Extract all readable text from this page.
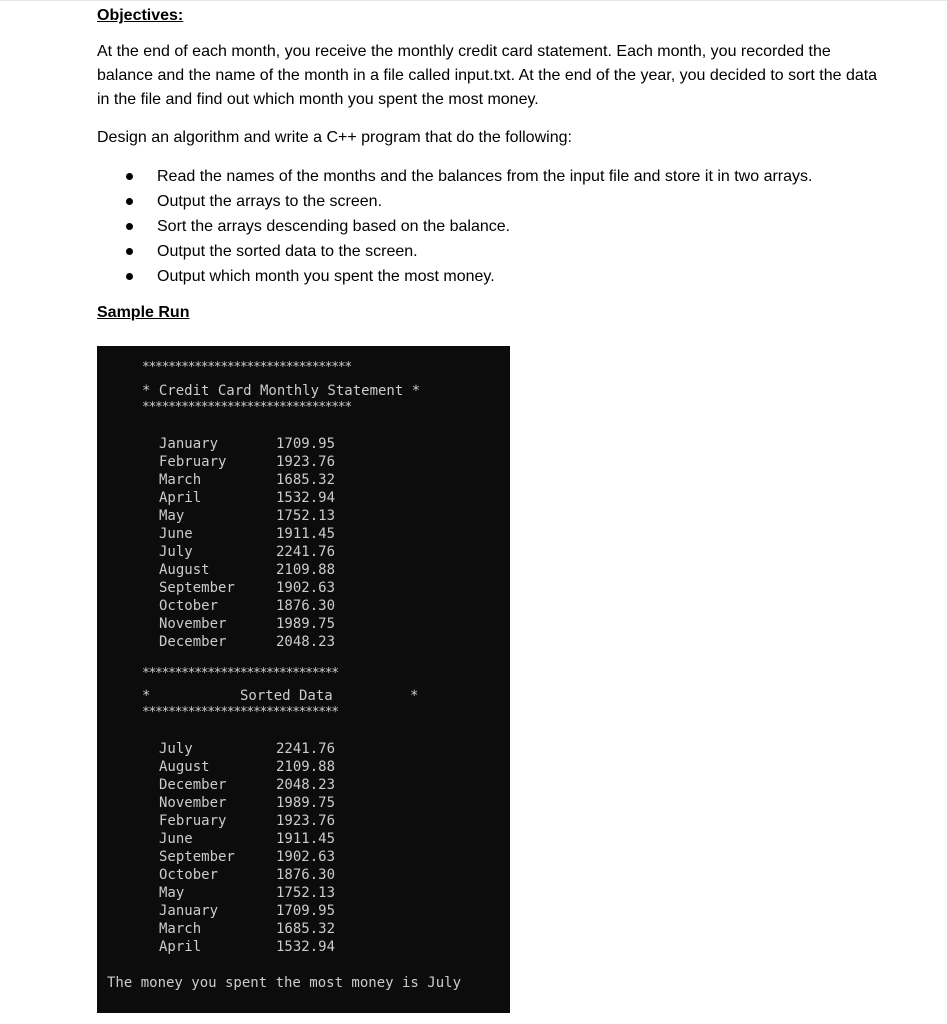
Objectives:

At the end of each month, you receive the monthly credit card statement. Each month, you recorded the balance and the name of the month in a file called input.txt. At the end of the year, you decided to sort the data in the file and find out which month you spent the most money.

Design an algorithm and write a C++ program that do the following:

Read the names of the months and the balances from the input file and store it in two arrays.
Output the arrays to the screen.
Sort the arrays descending based on the balance.
Output the sorted data to the screen.
Output which month you spent the most money.
Sample Run
********************************
* Credit Card Monthly Statement *
********************************
January	1709.95
February	1923.76
March	1685.32
April	1532.94
May	1752.13
June	1911.45
July	2241.76
August	2109.88
September	1902.63
October	1876.30
November	1989.75
December	2048.23
******************************
*	Sorted Data	*
******************************
July	2241.76
August	2109.88
December	2048.23
November	1989.75
February	1923.76
June	1911.45
September	1902.63
October	1876.30
May	1752.13
January	1709.95
March	1685.32
April	1532.94
The money you spent the most money is July
